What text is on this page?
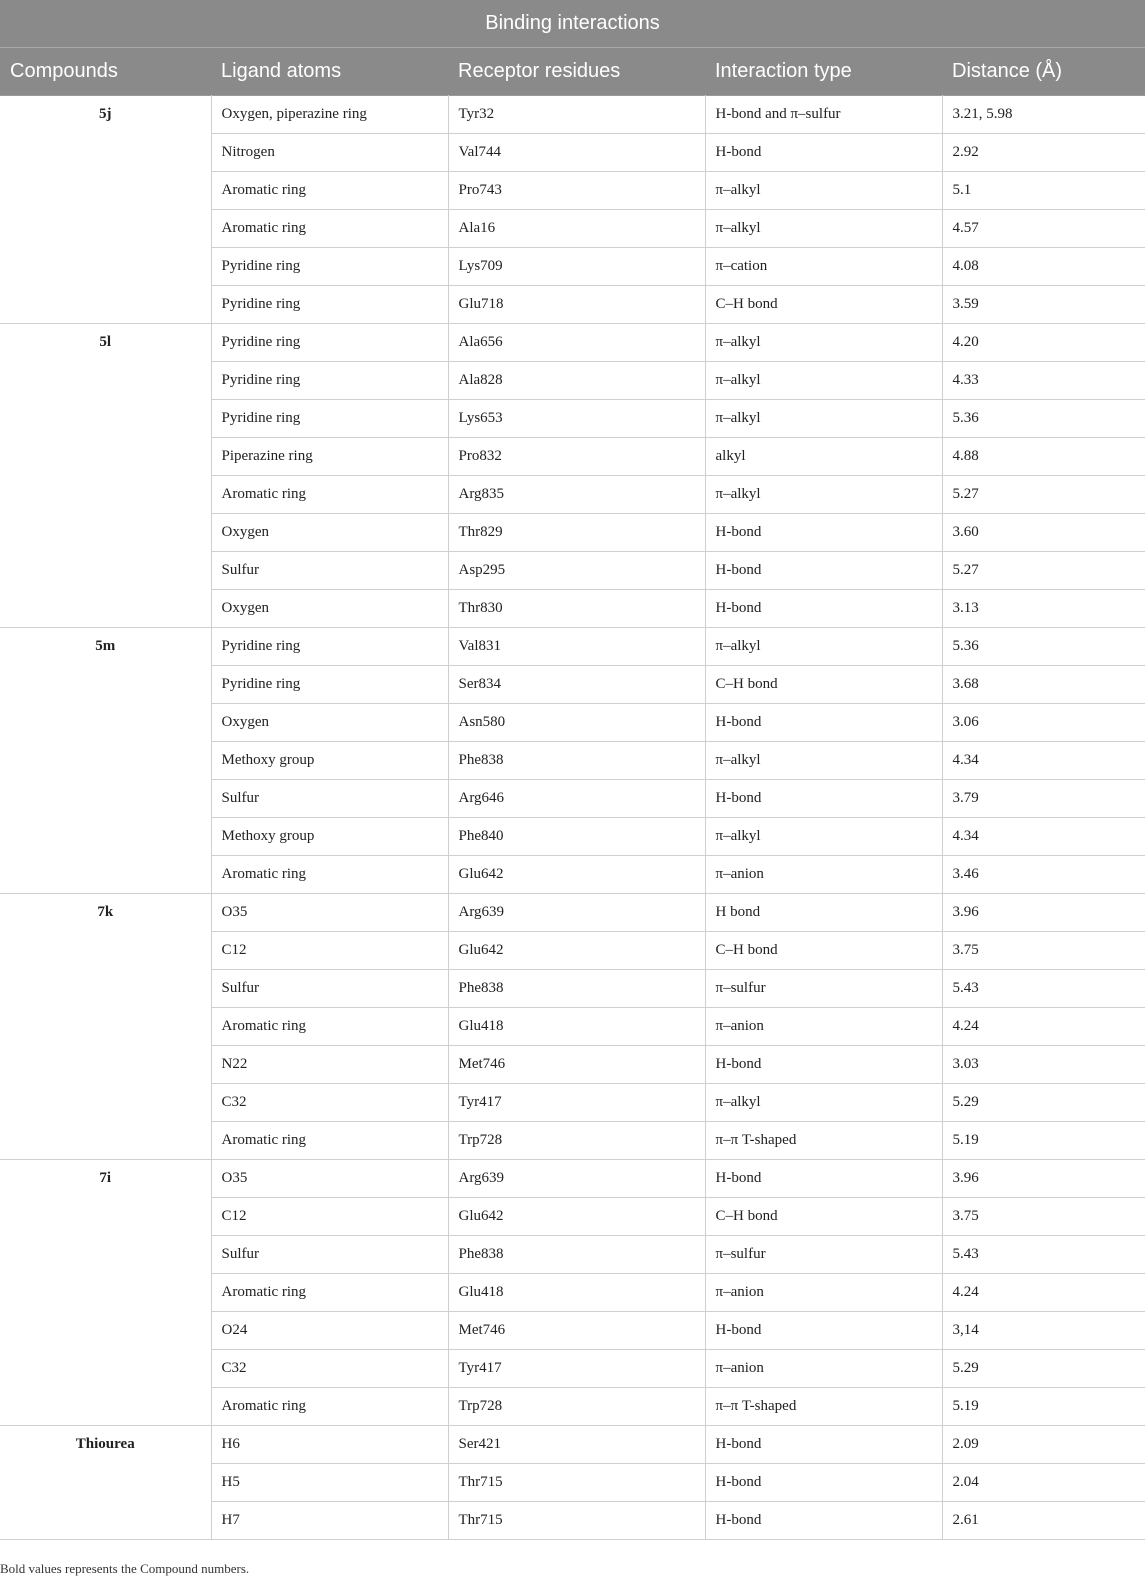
Binding interactions				
Compounds	Ligand atoms	Receptor residues	Interaction type	Distance (Å)
5j	Oxygen, piperazine ring	Tyr32	H-bond and π–sulfur	3.21, 5.98
	Nitrogen	Val744	H-bond	2.92
	Aromatic ring	Pro743	π–alkyl	5.1
	Aromatic ring	Ala16	π–alkyl	4.57
	Pyridine ring	Lys709	π–cation	4.08
	Pyridine ring	Glu718	C–H bond	3.59
5l	Pyridine ring	Ala656	π–alkyl	4.20
	Pyridine ring	Ala828	π–alkyl	4.33
	Pyridine ring	Lys653	π–alkyl	5.36
	Piperazine ring	Pro832	alkyl	4.88
	Aromatic ring	Arg835	π–alkyl	5.27
	Oxygen	Thr829	H-bond	3.60
	Sulfur	Asp295	H-bond	5.27
	Oxygen	Thr830	H-bond	3.13
5m	Pyridine ring	Val831	π–alkyl	5.36
	Pyridine ring	Ser834	C–H bond	3.68
	Oxygen	Asn580	H-bond	3.06
	Methoxy group	Phe838	π–alkyl	4.34
	Sulfur	Arg646	H-bond	3.79
	Methoxy group	Phe840	π–alkyl	4.34
	Aromatic ring	Glu642	π–anion	3.46
7k	O35	Arg639	H bond	3.96
	C12	Glu642	C–H bond	3.75
	Sulfur	Phe838	π–sulfur	5.43
	Aromatic ring	Glu418	π–anion	4.24
	N22	Met746	H-bond	3.03
	C32	Tyr417	π–alkyl	5.29
	Aromatic ring	Trp728	π–π T-shaped	5.19
7i	O35	Arg639	H-bond	3.96
	C12	Glu642	C–H bond	3.75
	Sulfur	Phe838	π–sulfur	5.43
	Aromatic ring	Glu418	π–anion	4.24
	O24	Met746	H-bond	3,14
	C32	Tyr417	π–anion	5.29
	Aromatic ring	Trp728	π–π T-shaped	5.19
Thiourea	H6	Ser421	H-bond	2.09
	H5	Thr715	H-bond	2.04
	H7	Thr715	H-bond	2.61
Bold values represents the Compound numbers.
